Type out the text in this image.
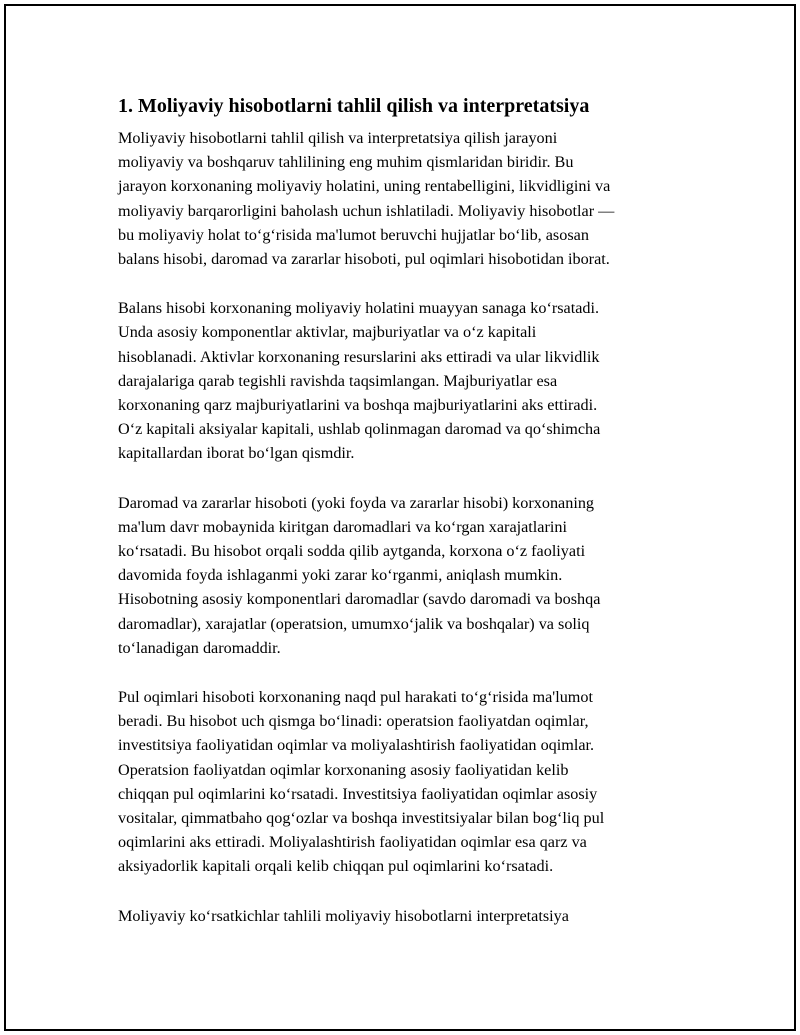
1. Moliyaviy hisobotlarni tahlil qilish va interpretatsiya
Moliyaviy hisobotlarni tahlil qilish va interpretatsiya qilish jarayoni
moliyaviy va boshqaruv tahlilining eng muhim qismlaridan biridir. Bu
jarayon korxonaning moliyaviy holatini, uning rentabelligini, likvidligini va
moliyaviy barqarorligini baholash uchun ishlatiladi. Moliyaviy hisobotlar —
bu moliyaviy holat to‘g‘risida ma'lumot beruvchi hujjatlar bo‘lib, asosan
balans hisobi, daromad va zararlar hisoboti, pul oqimlari hisobotidan iborat.
Balans hisobi korxonaning moliyaviy holatini muayyan sanaga ko‘rsatadi.
Unda asosiy komponentlar aktivlar, majburiyatlar va o‘z kapitali
hisoblanadi. Aktivlar korxonaning resurslarini aks ettiradi va ular likvidlik
darajalariga qarab tegishli ravishda taqsimlangan. Majburiyatlar esa
korxonaning qarz majburiyatlarini va boshqa majburiyatlarini aks ettiradi.
O‘z kapitali aksiyalar kapitali, ushlab qolinmagan daromad va qo‘shimcha
kapitallardan iborat bo‘lgan qismdir.
Daromad va zararlar hisoboti (yoki foyda va zararlar hisobi) korxonaning
ma'lum davr mobaynida kiritgan daromadlari va ko‘rgan xarajatlarini
ko‘rsatadi. Bu hisobot orqali sodda qilib aytganda, korxona o‘z faoliyati
davomida foyda ishlaganmi yoki zarar ko‘rganmi, aniqlash mumkin.
Hisobotning asosiy komponentlari daromadlar (savdo daromadi va boshqa
daromadlar), xarajatlar (operatsion, umumxo‘jalik va boshqalar) va soliq
to‘lanadigan daromaddir.
Pul oqimlari hisoboti korxonaning naqd pul harakati to‘g‘risida ma'lumot
beradi. Bu hisobot uch qismga bo‘linadi: operatsion faoliyatdan oqimlar,
investitsiya faoliyatidan oqimlar va moliyalashtirish faoliyatidan oqimlar.
Operatsion faoliyatdan oqimlar korxonaning asosiy faoliyatidan kelib
chiqqan pul oqimlarini ko‘rsatadi. Investitsiya faoliyatidan oqimlar asosiy
vositalar, qimmatbaho qog‘ozlar va boshqa investitsiyalar bilan bog‘liq pul
oqimlarini aks ettiradi. Moliyalashtirish faoliyatidan oqimlar esa qarz va
aksiyadorlik kapitali orqali kelib chiqqan pul oqimlarini ko‘rsatadi.
Moliyaviy ko‘rsatkichlar tahlili moliyaviy hisobotlarni interpretatsiya
